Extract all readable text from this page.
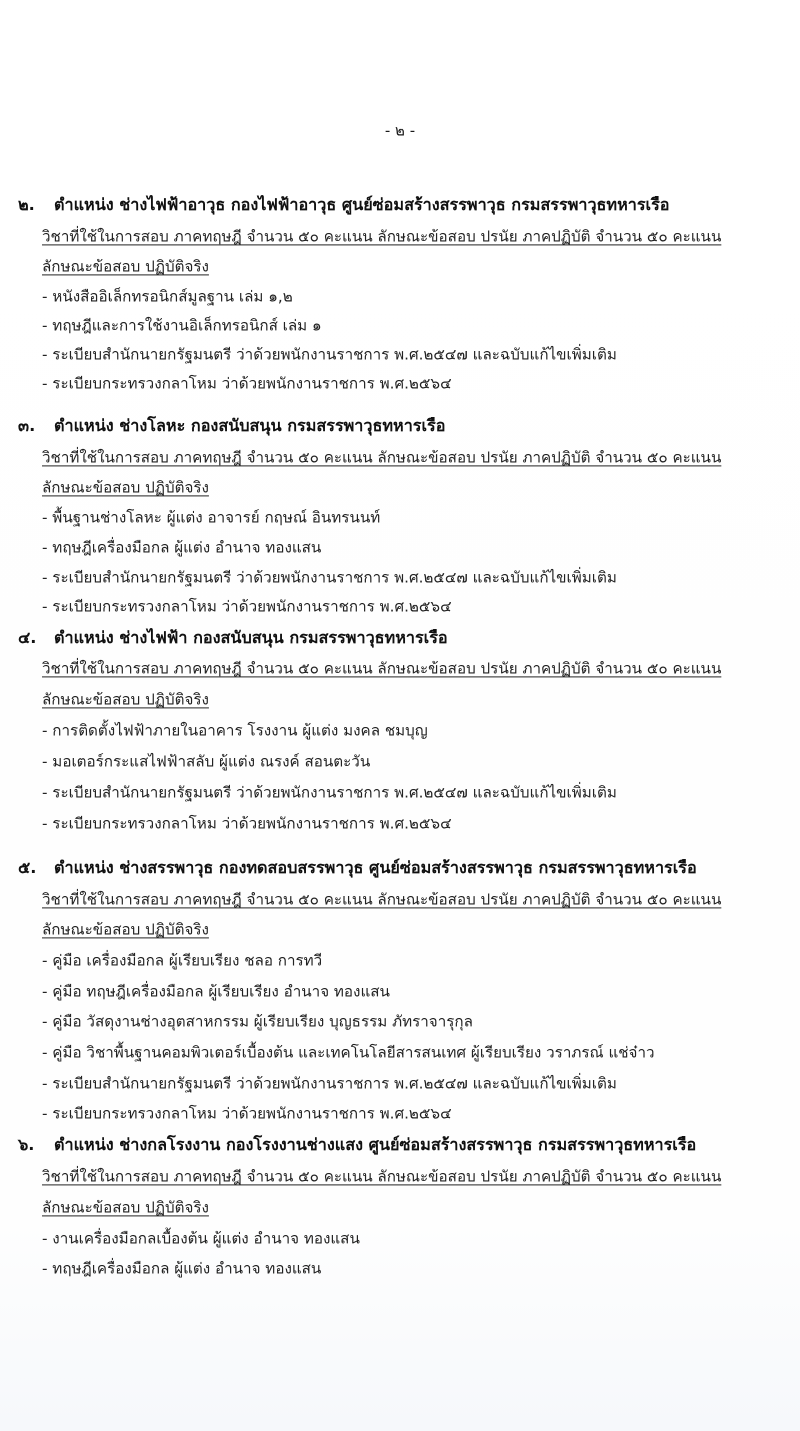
- ๒ -
๒. ตำแหน่ง ช่างไฟฟ้าอาวุธ กองไฟฟ้าอาวุธ ศูนย์ซ่อมสร้างสรรพาวุธ กรมสรรพาวุธทหารเรือ
วิชาที่ใช้ในการสอบ ภาคทฤษฎี จำนวน ๕๐ คะแนน ลักษณะข้อสอบ ปรนัย ภาคปฏิบัติ จำนวน ๕๐ คะแนน
ลักษณะข้อสอบ ปฏิบัติจริง
- หนังสืออิเล็กทรอนิกส์มูลฐาน เล่ม ๑,๒
- ทฤษฎีและการใช้งานอิเล็กทรอนิกส์ เล่ม ๑
- ระเบียบสำนักนายกรัฐมนตรี ว่าด้วยพนักงานราชการ พ.ศ.๒๕๔๗ และฉบับแก้ไขเพิ่มเติม
- ระเบียบกระทรวงกลาโหม ว่าด้วยพนักงานราชการ พ.ศ.๒๕๖๔
๓. ตำแหน่ง ช่างโลหะ กองสนับสนุน กรมสรรพาวุธทหารเรือ
วิชาที่ใช้ในการสอบ ภาคทฤษฎี จำนวน ๕๐ คะแนน ลักษณะข้อสอบ ปรนัย ภาคปฏิบัติ จำนวน ๕๐ คะแนน
ลักษณะข้อสอบ ปฏิบัติจริง
- พื้นฐานช่างโลหะ ผู้แต่ง อาจารย์ กฤษณ์ อินทรนนท์
- ทฤษฎีเครื่องมือกล ผู้แต่ง อำนาจ ทองแสน
- ระเบียบสำนักนายกรัฐมนตรี ว่าด้วยพนักงานราชการ พ.ศ.๒๕๔๗ และฉบับแก้ไขเพิ่มเติม
- ระเบียบกระทรวงกลาโหม ว่าด้วยพนักงานราชการ พ.ศ.๒๕๖๔
๔. ตำแหน่ง ช่างไฟฟ้า กองสนับสนุน กรมสรรพาวุธทหารเรือ
วิชาที่ใช้ในการสอบ ภาคทฤษฎี จำนวน ๕๐ คะแนน ลักษณะข้อสอบ ปรนัย ภาคปฏิบัติ จำนวน ๕๐ คะแนน
ลักษณะข้อสอบ ปฏิบัติจริง
- การติดตั้งไฟฟ้าภายในอาคาร โรงงาน ผู้แต่ง มงคล ชมบุญ
- มอเตอร์กระแสไฟฟ้าสลับ ผู้แต่ง ณรงค์ สอนตะวัน
- ระเบียบสำนักนายกรัฐมนตรี ว่าด้วยพนักงานราชการ พ.ศ.๒๕๔๗ และฉบับแก้ไขเพิ่มเติม
- ระเบียบกระทรวงกลาโหม ว่าด้วยพนักงานราชการ พ.ศ.๒๕๖๔
๕. ตำแหน่ง ช่างสรรพาวุธ กองทดสอบสรรพาวุธ ศูนย์ซ่อมสร้างสรรพาวุธ กรมสรรพาวุธทหารเรือ
วิชาที่ใช้ในการสอบ ภาคทฤษฎี จำนวน ๕๐ คะแนน ลักษณะข้อสอบ ปรนัย ภาคปฏิบัติ จำนวน ๕๐ คะแนน
ลักษณะข้อสอบ ปฏิบัติจริง
- คู่มือ เครื่องมือกล ผู้เรียบเรียง ชลอ การทวี
- คู่มือ ทฤษฎีเครื่องมือกล ผู้เรียบเรียง อำนาจ ทองแสน
- คู่มือ วัสดุงานช่างอุตสาหกรรม ผู้เรียบเรียง บุญธรรม ภัทราจารุกุล
- คู่มือ วิชาพื้นฐานคอมพิวเตอร์เบื้องต้น และเทคโนโลยีสารสนเทศ ผู้เรียบเรียง วราภรณ์ แช่จ๋าว
- ระเบียบสำนักนายกรัฐมนตรี ว่าด้วยพนักงานราชการ พ.ศ.๒๕๔๗ และฉบับแก้ไขเพิ่มเติม
- ระเบียบกระทรวงกลาโหม ว่าด้วยพนักงานราชการ พ.ศ.๒๕๖๔
๖. ตำแหน่ง ช่างกลโรงงาน กองโรงงานช่างแสง ศูนย์ซ่อมสร้างสรรพาวุธ กรมสรรพาวุธทหารเรือ
วิชาที่ใช้ในการสอบ ภาคทฤษฎี จำนวน ๕๐ คะแนน ลักษณะข้อสอบ ปรนัย ภาคปฏิบัติ จำนวน ๕๐ คะแนน
ลักษณะข้อสอบ ปฏิบัติจริง
- งานเครื่องมือกลเบื้องต้น ผู้แต่ง อำนาจ ทองแสน
- ทฤษฎีเครื่องมือกล ผู้แต่ง อำนาจ ทองแสน
